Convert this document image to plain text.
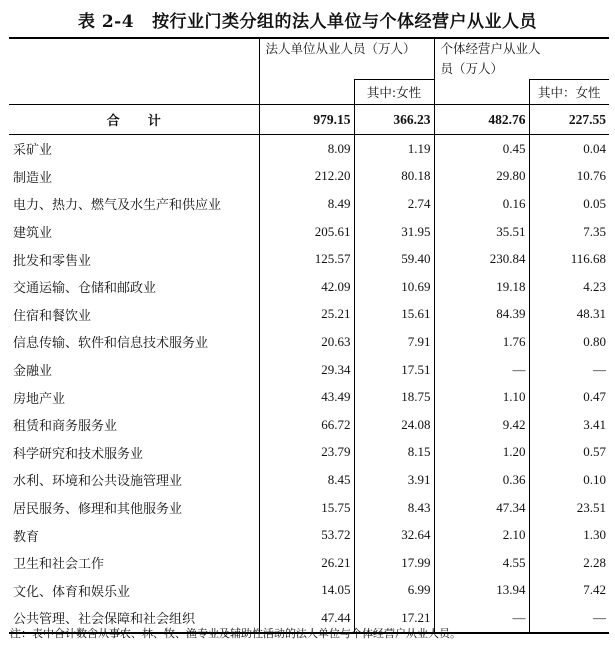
表 2-4 按行业门类分组的法人单位与个体经营户从业人员

	法人单位从业人员（万人）		个体经营户从业人员（万人）	

		其中:女性		其中：女性
合计	979.15	366.23	482.76	227.55
采矿业	8.09	1.19	0.45	0.04
制造业	212.20	80.18	29.80	10.76
电力、热力、燃气及水生产和供应业	8.49	2.74	0.16	0.05
建筑业	205.61	31.95	35.51	7.35
批发和零售业	125.57	59.40	230.84	116.68
交通运输、仓储和邮政业	42.09	10.69	19.18	4.23
住宿和餐饮业	25.21	15.61	84.39	48.31
信息传输、软件和信息技术服务业	20.63	7.91	1.76	0.80
金融业	29.34	17.51	—	—
房地产业	43.49	18.75	1.10	0.47
租赁和商务服务业	66.72	24.08	9.42	3.41
科学研究和技术服务业	23.79	8.15	1.20	0.57
水利、环境和公共设施管理业	8.45	3.91	0.36	0.10
居民服务、修理和其他服务业	15.75	8.43	47.34	23.51
教育	53.72	32.64	2.10	1.30
卫生和社会工作	26.21	17.99	4.55	2.28
文化、体育和娱乐业	14.05	6.99	13.94	7.42
公共管理、社会保障和社会组织	47.44	17.21	—	—
注：表中合计数含从事农、林、牧、渔专业及辅助性活动的法人单位与个体经营户从业人员。
